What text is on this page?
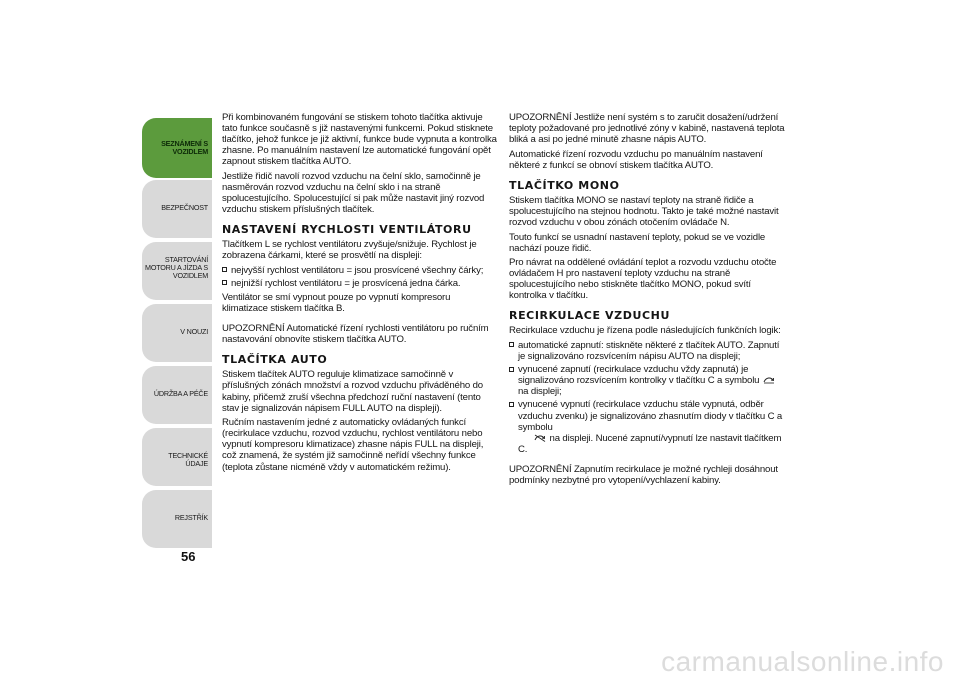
SEZNÁMENÍ S
VOZIDLEM
BEZPEČNOST
STARTOVÁNÍ
MOTORU A JÍZDA S
VOZIDLEM
V NOUZI
ÚDRŽBA A PÉČE
TECHNICKÉ ÚDAJE
REJSTŘÍK
56

Při kombinovaném fungování se stiskem tohoto tlačítka aktivuje tato funkce současně s již nastavenými funkcemi. Pokud stisknete tlačítko, jehož funkce je již aktivní, funkce bude vypnuta a kontrolka zhasne. Po manuálním nastavení lze automatické fungování opět zapnout stiskem tlačítka AUTO.

Jestliže řidič navolí rozvod vzduchu na čelní sklo, samočinně je nasměrován rozvod vzduchu na čelní sklo i na straně spolucestujícího. Spolucestující si pak může nastavit jiný rozvod vzduchu stiskem příslušných tlačítek.

NASTAVENÍ RYCHLOSTI VENTILÁTORU

Tlačítkem L se rychlost ventilátoru zvyšuje/snižuje. Rychlost je zobrazena čárkami, které se prosvětlí na displeji:

nejvyšší rychlost ventilátoru = jsou prosvícené všechny čárky;
nejnižší rychlost ventilátoru = je prosvícená jedna čárka.

Ventilátor se smí vypnout pouze po vypnutí kompresoru klimatizace stiskem tlačítka B.

UPOZORNĚNÍ Automatické řízení rychlosti ventilátoru po ručním nastavování obnovíte stiskem tlačítka AUTO.

TLAČÍTKA AUTO

Stiskem tlačítek AUTO reguluje klimatizace samočinně v příslušných zónách množství a rozvod vzduchu přiváděného do kabiny, přičemž zruší všechna předchozí ruční nastavení (tento stav je signalizován nápisem FULL AUTO na displeji).

Ručním nastavením jedné z automaticky ovládaných funkcí (recirkulace vzduchu, rozvod vzduchu, rychlost ventilátoru nebo vypnutí kompresoru klimatizace) zhasne nápis FULL na displeji, což znamená, že systém již samočinně neřídí všechny funkce (teplota zůstane nicméně vždy v automatickém režimu).

UPOZORNĚNÍ Jestliže není systém s to zaručit dosažení/udržení teploty požadované pro jednotlivé zóny v kabině, nastavená teplota bliká a asi po jedné minutě zhasne nápis AUTO.

Automatické řízení rozvodu vzduchu po manuálním nastavení některé z funkcí se obnoví stiskem tlačítka AUTO.

TLAČÍTKO MONO

Stiskem tlačítka MONO se nastaví teploty na straně řidiče a spolucestujícího na stejnou hodnotu. Takto je také možné nastavit rozvod vzduchu v obou zónách otočením ovládače N.

Touto funkcí se usnadní nastavení teploty, pokud se ve vozidle nachází pouze řidič.

Pro návrat na oddělené ovládání teplot a rozvodu vzduchu otočte ovládačem H pro nastavení teploty vzduchu na straně spolucestujícího nebo stiskněte tlačítko MONO, pokud svítí kontrolka v tlačítku.

RECIRKULACE VZDUCHU

Recirkulace vzduchu je řízena podle následujících funkčních logik:

automatické zapnutí: stiskněte některé z tlačítek AUTO. Zapnutí je signalizováno rozsvícením nápisu AUTO na displeji;
vynucené zapnutí (recirkulace vzduchu vždy zapnutá) je signalizováno rozsvícením kontrolky v tlačítku C a symbolu  na displeji;
vynucené vypnutí (recirkulace vzduchu stále vypnutá, odběr vzduchu zvenku) je signalizováno zhasnutím diody v tlačítku C a symbolu
na displeji. Nucené zapnutí/vypnutí lze nastavit tlačítkem C.

UPOZORNĚNÍ Zapnutím recirkulace je možné rychleji dosáhnout podmínky nezbytné pro vytopení/vychlazení kabiny.

carmanualsonline.info
